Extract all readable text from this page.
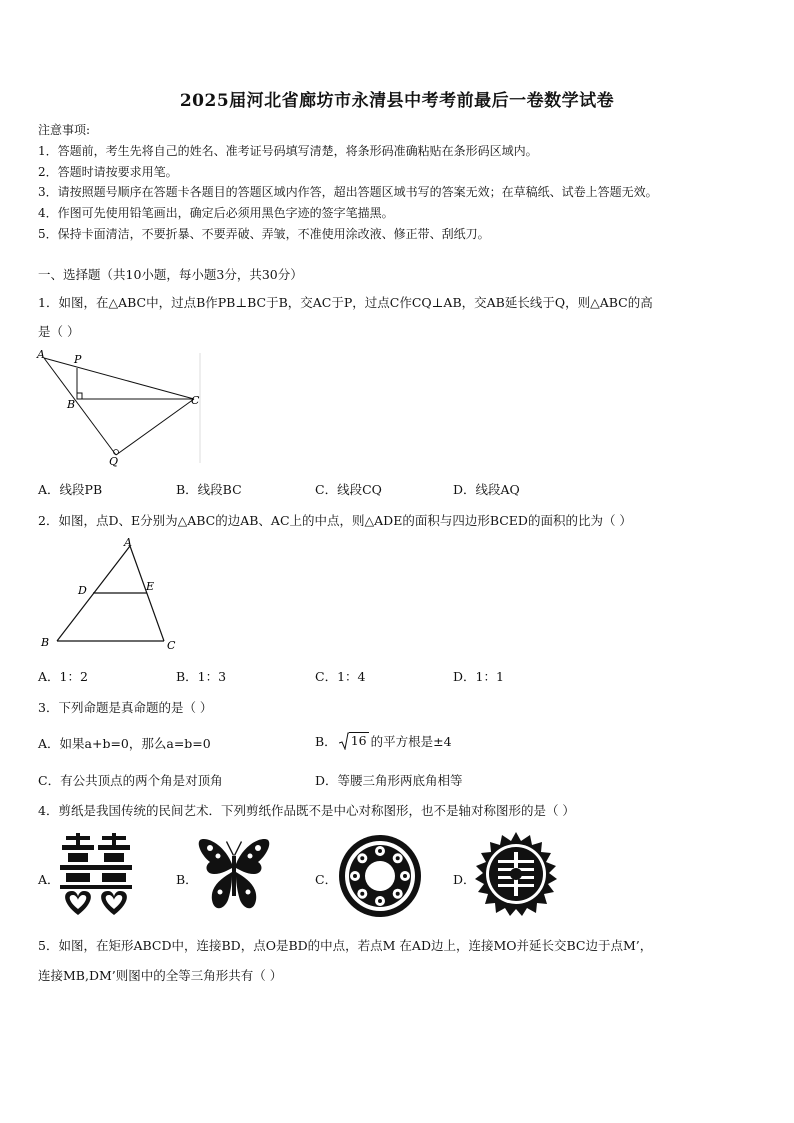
2025届河北省廊坊市永清县中考考前最后一卷数学试卷
注意事项:
1．答题前，考生先将自己的姓名、准考证号码填写清楚，将条形码准确粘贴在条形码区域内。
2．答题时请按要求用笔。
3．请按照题号顺序在答题卡各题目的答题区域内作答，超出答题区域书写的答案无效；在草稿纸、试卷上答题无效。
4．作图可先使用铅笔画出，确定后必须用黑色字迹的签字笔描黑。
5．保持卡面清洁，不要折暴、不要弄破、弄皱，不准使用涂改液、修正带、刮纸刀。
一、选择题（共10小题，每小题3分，共30分）
1．如图，在△ABC中，过点B作PB⊥BC于B，交AC于P，过点C作CQ⊥AB，交AB延长线于Q，则△ABC的高
是（ ）
A	P
B	C
Q
A．线段PB	B．线段BC	C．线段CQ	D．线段AQ
2．如图，点D、E分别为△ABC的边AB、AC上的中点，则△ADE的面积与四边形BCED的面积的比为（ ）
A
D	E
B	C
A．1：2	B．1：3	C．1：4	D．1：1
3．下列命题是真命题的是（ ）
A．如果a+b=0，那么a=b=0	B． 16 的平方根是±4
C．有公共顶点的两个角是对顶角	D．等腰三角形两底角相等
4．剪纸是我国传统的民间艺术．下列剪纸作品既不是中心对称图形，也不是轴对称图形的是（ ）
A．	B．	C．	D．
5．如图，在矩形ABCD中，连接BD，点O是BD的中点，若点M 在AD边上，连接MO并延长交BC边于点M’，
连接MB,DM’则图中的全等三角形共有（ ）
